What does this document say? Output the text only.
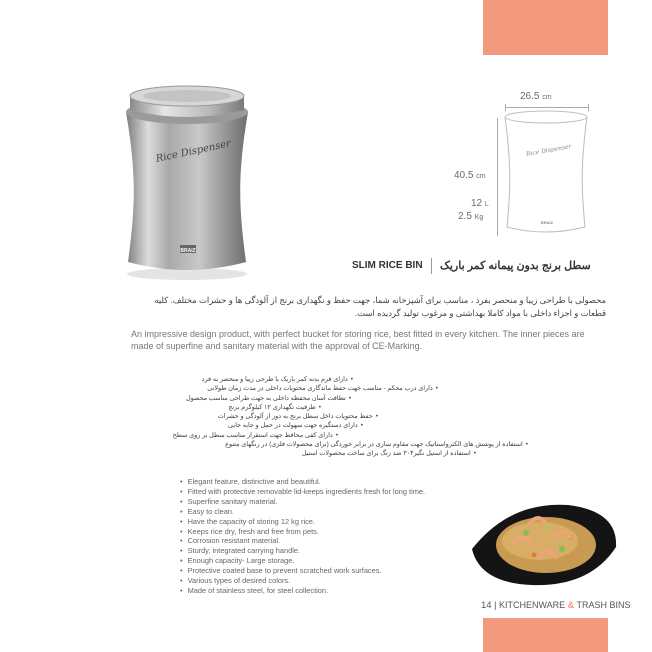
Rice Dispenser
BRAIZ
26.5 cm
Rice Dispenser
BRAIZ
40.5 cm
12 L
2.5 Kg
SLIM RICE BIN سطل برنج بدون پیمانه کمر باریک

محصولی با طراحی زیبا و منحصر بفرد ، مناسب برای آشپزخانه شما، جهت حفظ و نگهداری برنج از آلودگی ها و حشرات مختلف. کلیه قطعات و اجزاء داخلی با مواد کاملا بهداشتی و مرغوب تولید گردیده است.

An impressive design product, with perfect bucket for storing rice, best fitted in every kitchen. The inner pieces are made of superfine and sanitary material with the approval of CE-Marking.

• دارای فرم بدنه کمر باریک با طرحی زیبا و منحصر به فرد
• دارای درب محکم - مناسب جهت حفظ ماندگاری محتویات داخلی در مدت زمان طولانی
• نظافت آسان محفظه داخلی به جهت طراحی مناسب محصول
• ظرفیت نگهداری ۱۲ کیلوگرم برنج
• حفظ محتویات داخل سطل برنج به دور از آلودگی و حشرات
• دارای دستگیره جهت سهولت در حمل و جابه جایی
• دارای کفی محافظ جهت استقرار مناسب سطل بر روی سطح
• استفاده از پوشش های الکترواستاتیک جهت مقاوم سازی در برابر خوردگی (برای محصولات فلزی) در رنگهای متنوع
• استفاده از استیل نگیر۳۰۴ ضد زنگ برای ساخت محصولات استیل
• Elegant feature, distinctive and beautiful.
• Fitted with protective removable lid-keeps ingredients fresh for long time.
• Superfine sanitary material.
• Easy to clean.
• Have the capacity of storing 12 kg rice.
• Keeps rice dry, fresh and free from pets.
• Corrosion resistant material.
• Sturdy, integrated carrying handle.
• Enough capacity- Large storage.
• Protective coated base to prevent scratched work surfaces.
• Various types of desired colors.
• Made of stainless steel, for steel collection.
14 | KITCHENWARE & TRASH BINS
